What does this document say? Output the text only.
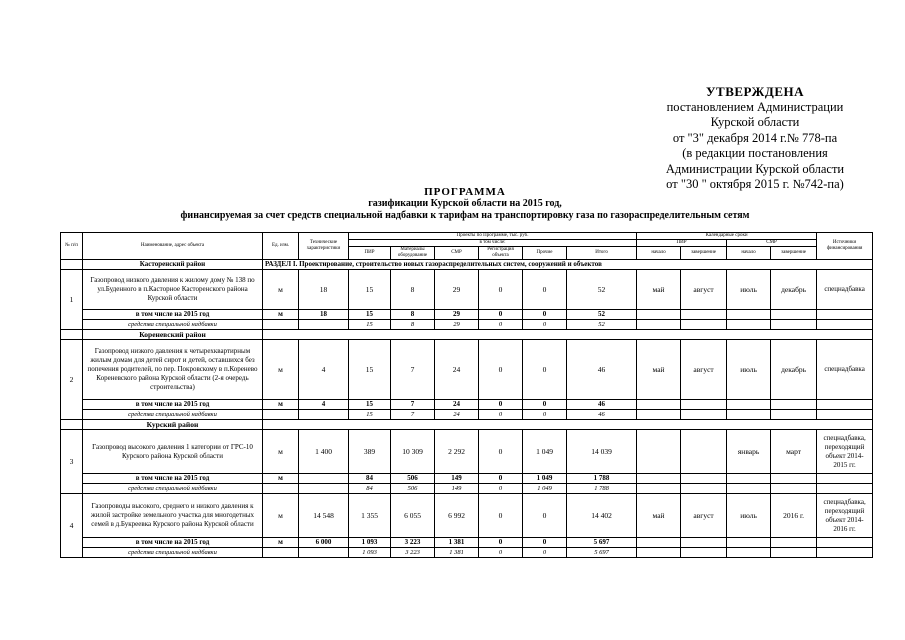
УТВЕРЖДЕНА
постановлением Администрации
Курской области
от "3" декабря 2014 г.№ 778-па
(в редакции постановления
Администрации Курской области
от "30 " октября 2015 г. №742-па)
ПРОГРАММА
газификации Курской области на 2015 год,
финансируемая за счет средств специальной надбавки к тарифам на транспортировку газа по газораспределительным сетям
№ п/п	Наименование, адрес объекта	Ед. изм.	Технические характеристики	Проекты по Программе, тыс. руб.						Календарные сроки				Источники финансирования
				в том числе:						ПИР		СМР		
				ПИР	Материалы оборудование	СМР	Регистрация объекта	Прочие	Итого	начало	завершение	начало	завершение	
	Касторенский район	РАЗДЕЛ I. Проектирование, строительство новых газораспределительных систем, сооружений и объектов												
1	Газопровод низкого давления к жилому дому № 138 по ул.Буденного в п.Касторное Касторенского района Курской области	м	18	15	8	29	0	0	52	май	август	июль	декабрь	спецнадбавка
	в том числе на 2015 год	м	18	15	8	29	0	0	52					
	средства специальной надбавки			15	8	29	0	0	52					
	Кореневский район													
2	Газопровод низкого давления к четырехквартирным жилым домам для детей сирот и детей, оставшихся без попечения родителей, по пер. Покровскому в п.Коренево Кореневского района Курской области (2-я очередь строительства)	м	4	15	7	24	0	0	46	май	август	июль	декабрь	спецнадбавка
	в том числе на 2015 год	м	4	15	7	24	0	0	46					
	средства специальной надбавки			15	7	24	0	0	46					
	Курский район													
3	Газопровод высокого давления 1 категории от ГРС-10 Курского района Курской области	м	1 400	389	10 309	2 292	0	1 049	14 039			январь	март	спецнадбавка, переходящий объект 2014-2015 гг.
	в том числе на 2015 год	м		84	506	149	0	1 049	1 788					
	средства специальной надбавки			84	506	149	0	1 049	1 788					
4	Газопроводы высокого, среднего и низкого давления к жилой застройке земельного участка для многодетных семей в д.Букреевка Курского района Курской области	м	14 548	1 355	6 055	6 992	0	0	14 402	май	август	июль	2016 г.	спецнадбавка, переходящий объект 2014-2016 гг.
	в том числе на 2015 год	м	6 000	1 093	3 223	1 381	0	0	5 697					
	средства специальной надбавки			1 093	3 223	1 381	0	0	5 697					
